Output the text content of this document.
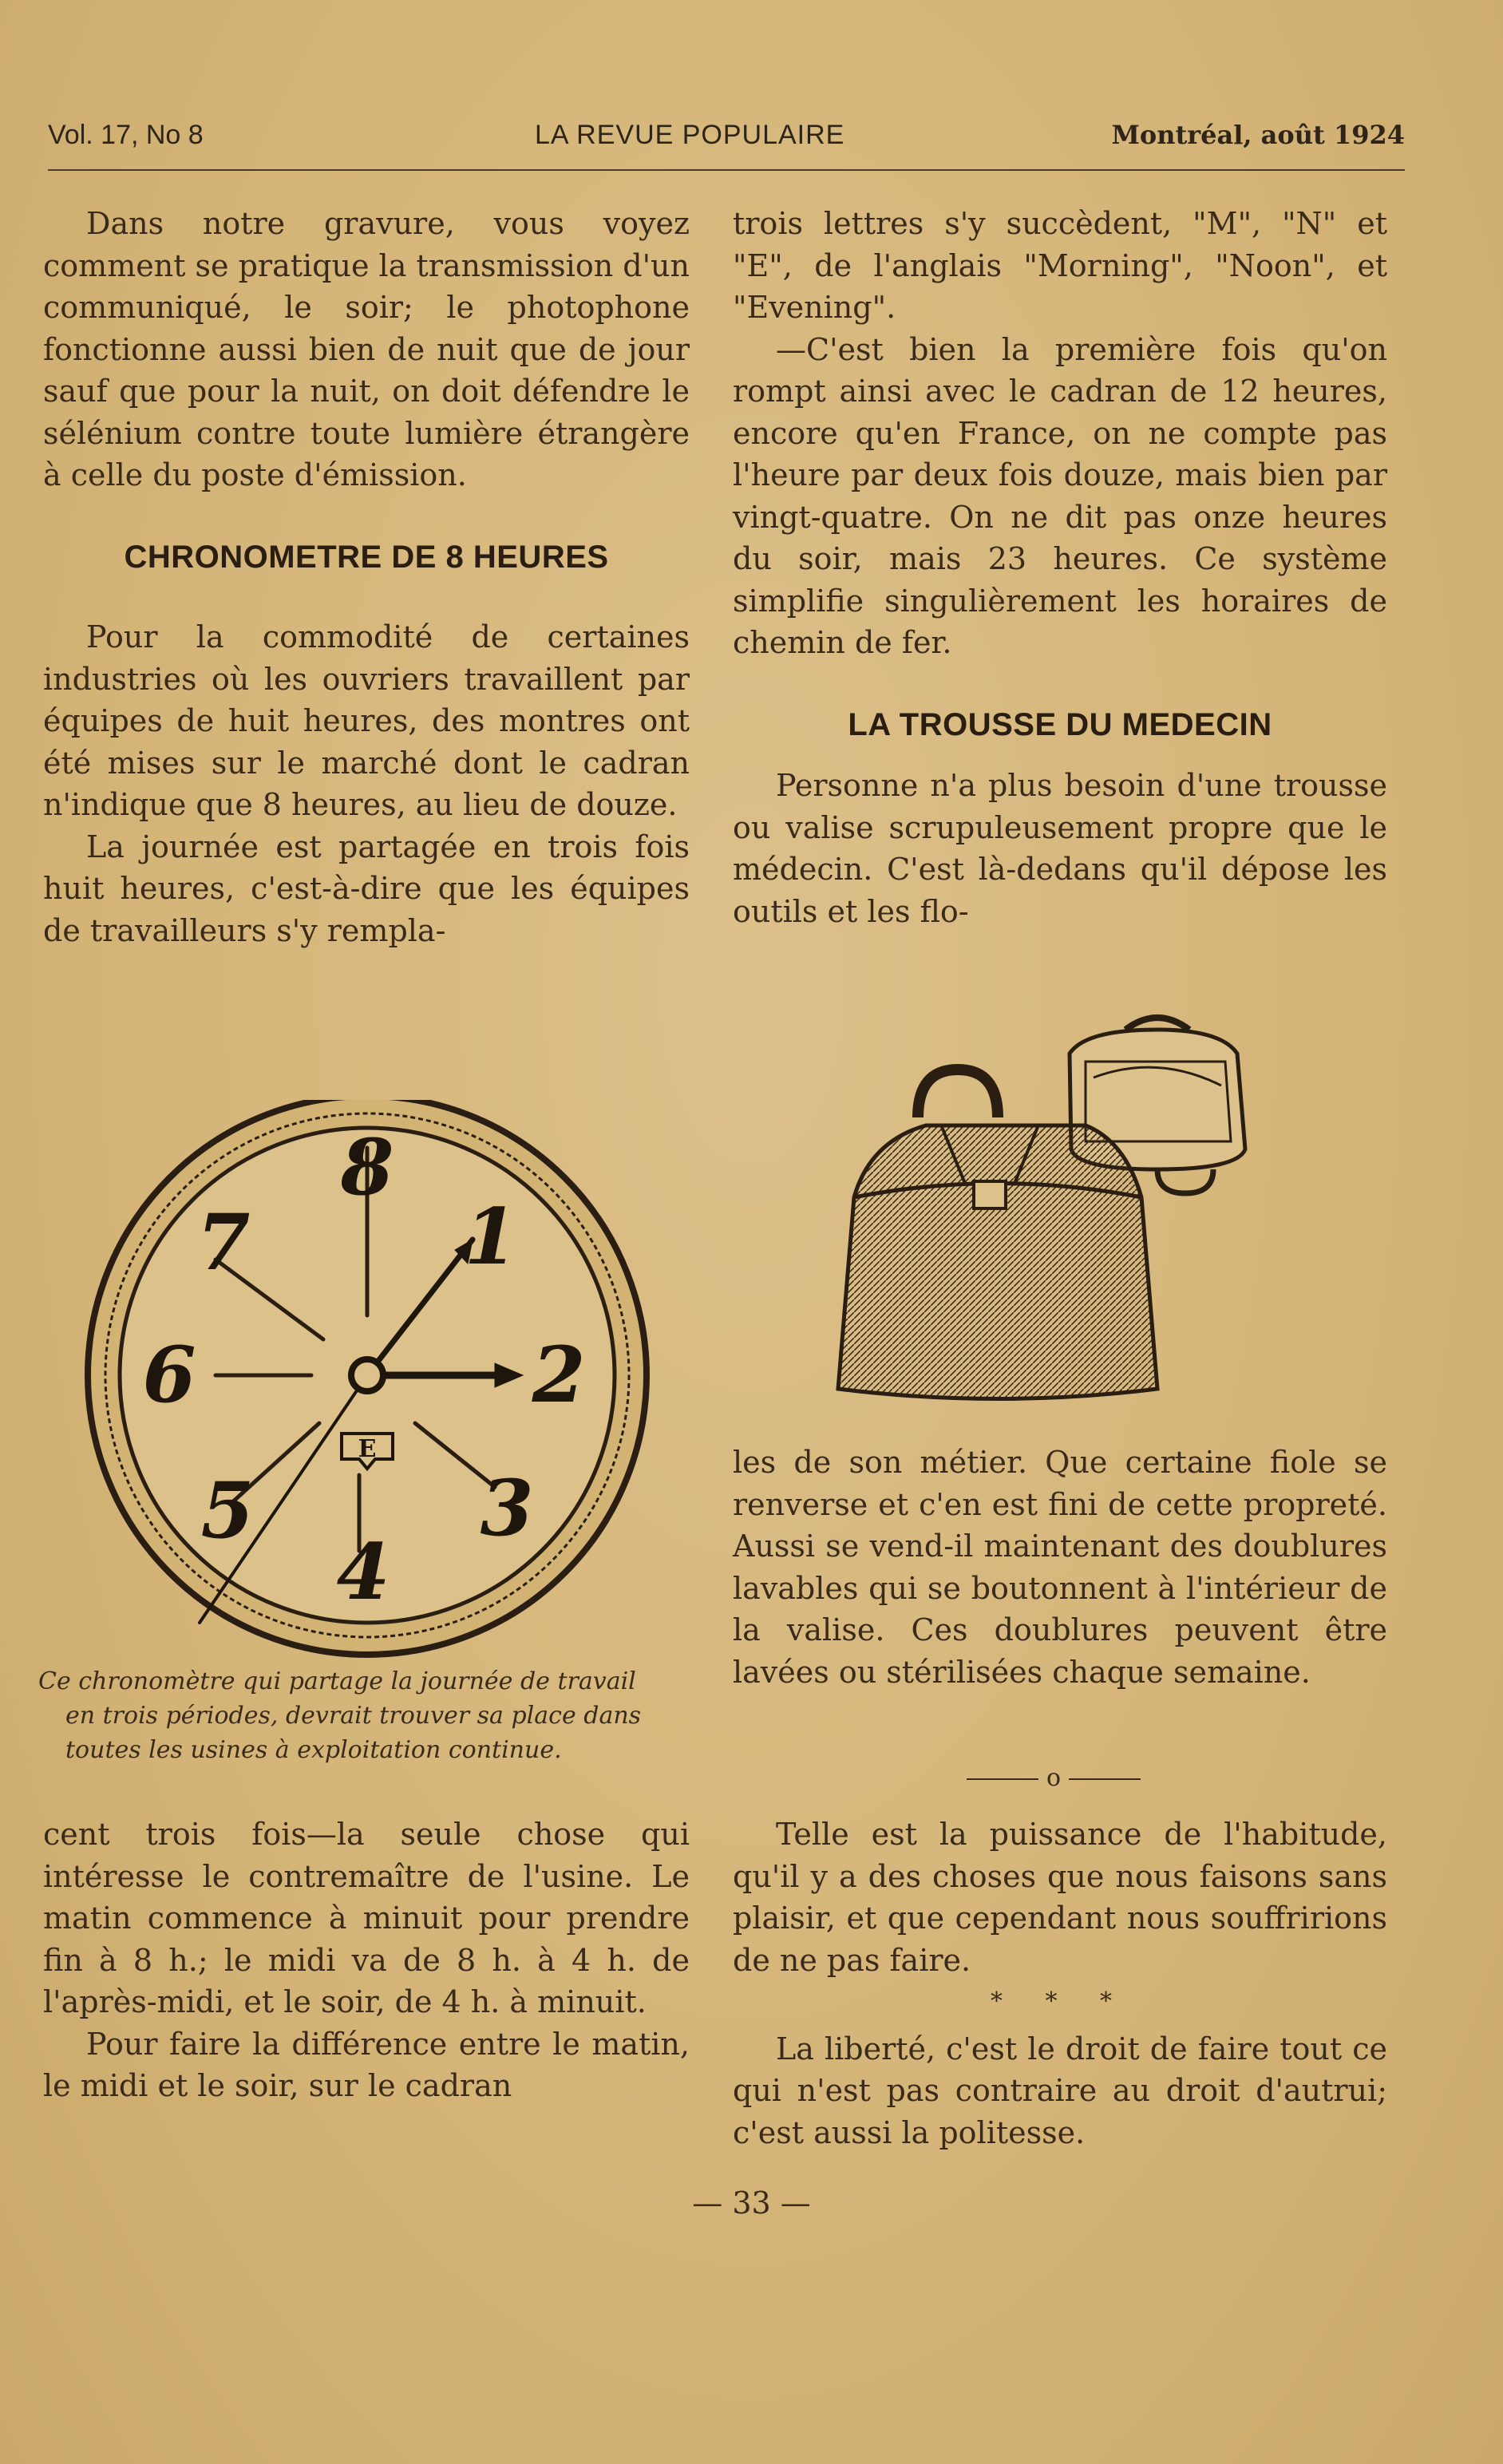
Vol. 17, No 8	LA REVUE POPULAIRE	Montréal, août 1924

Dans notre gravure, vous voyez comment se pratique la transmission d'un communiqué, le soir; le photophone fonctionne aussi bien de nuit que de jour sauf que pour la nuit, on doit défendre le sélénium contre toute lumière étrangère à celle du poste d'émission.

CHRONOMETRE DE 8 HEURES

Pour la commodité de certaines industries où les ouvriers travaillent par équipes de huit heures, des montres ont été mises sur le marché dont le cadran n'indique que 8 heures, au lieu de douze.

La journée est partagée en trois fois huit heures, c'est-à-dire que les équipes de travailleurs s'y rempla-

E
8
1
2
3
4
5
6
7

Ce chronomètre qui partage la journée de travail

en trois périodes, devrait trouver sa place dans

toutes les usines à exploitation continue.

cent trois fois—la seule chose qui intéresse le contremaître de l'usine. Le matin commence à minuit pour prendre fin à 8 h.; le midi va de 8 h. à 4 h. de l'après-midi, et le soir, de 4 h. à minuit.

Pour faire la différence entre le matin, le midi et le soir, sur le cadran

trois lettres s'y succèdent, "M", "N" et "E", de l'anglais "Morning", "Noon", et "Evening".

—C'est bien la première fois qu'on rompt ainsi avec le cadran de 12 heures, encore qu'en France, on ne compte pas l'heure par deux fois douze, mais bien par vingt-quatre. On ne dit pas onze heures du soir, mais 23 heures. Ce système simplifie singulièrement les horaires de chemin de fer.

LA TROUSSE DU MEDECIN

Personne n'a plus besoin d'une trousse ou valise scrupuleusement propre que le médecin. C'est là-dedans qu'il dépose les outils et les flo-

les de son métier. Que certaine fiole se renverse et c'en est fini de cette propreté. Aussi se vend-il maintenant des doublures lavables qui se boutonnent à l'intérieur de la valise. Ces doublures peuvent être lavées ou stérilisées chaque semaine.

o

Telle est la puissance de l'habitude, qu'il y a des choses que nous faisons sans plaisir, et que cependant nous souffririons de ne pas faire.

* * *

La liberté, c'est le droit de faire tout ce qui n'est pas contraire au droit d'autrui; c'est aussi la politesse.

— 33 —
